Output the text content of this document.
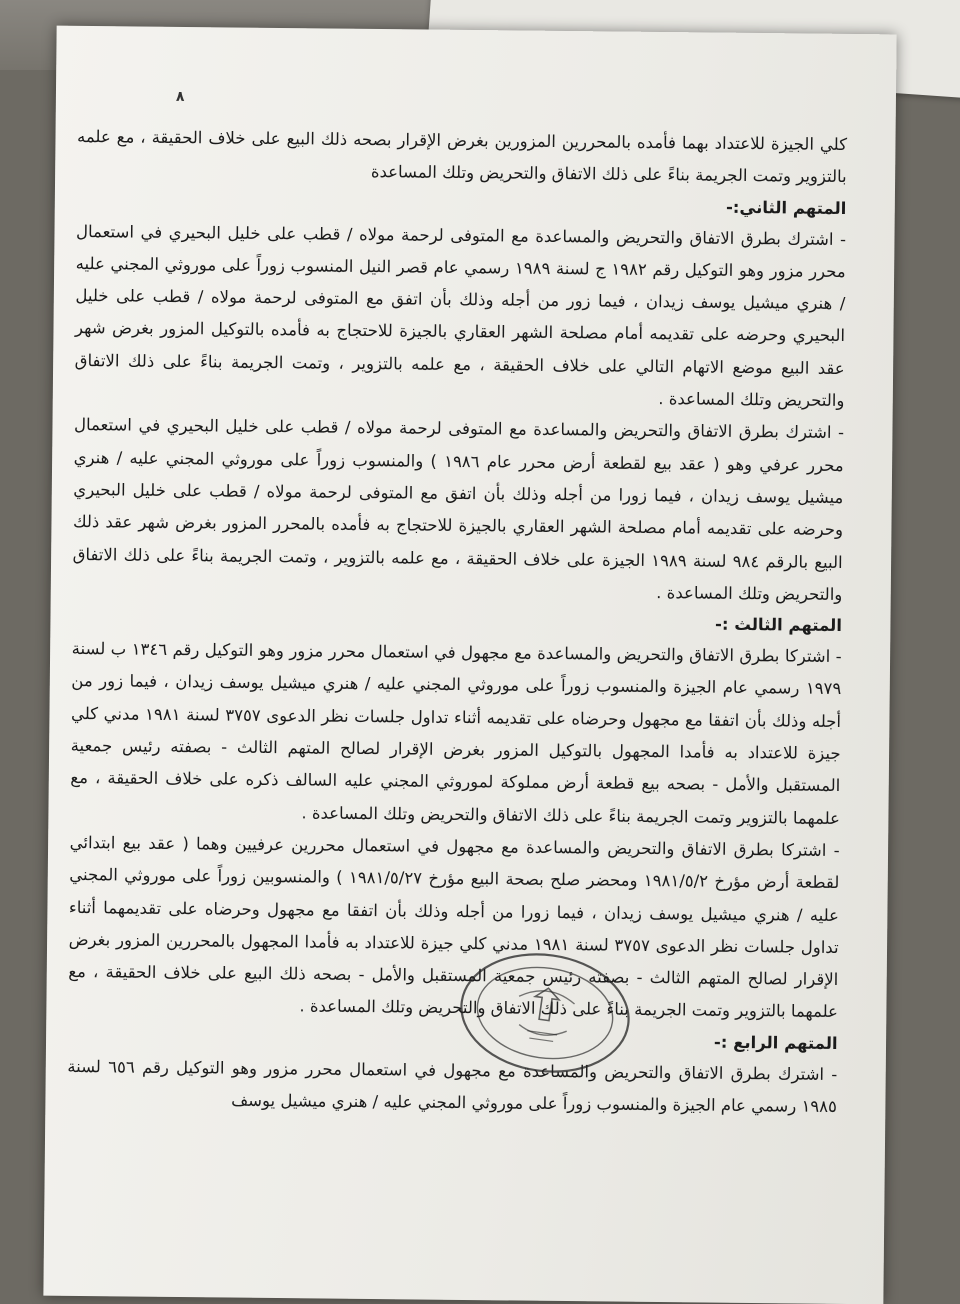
٨

كلي الجيزة للاعتداد بهما فأمده بالمحررين المزورين بغرض الإقرار بصحه ذلك البيع على خلاف الحقيقة ، مع علمه بالتزوير وتمت الجريمة بناءً على ذلك الاتفاق والتحريض وتلك المساعدة

المتهم الثاني:-

- اشترك بطرق الاتفاق والتحريض والمساعدة مع المتوفى لرحمة مولاه / قطب على خليل البحيري في استعمال محرر مزور وهو التوكيل رقم ١٩٨٢ ج لسنة ١٩٨٩ رسمي عام قصر النيل المنسوب زوراً على موروثي المجني عليه / هنري ميشيل يوسف زيدان ، فيما زور من أجله وذلك بأن اتفق مع المتوفى لرحمة مولاه / قطب على خليل البحيري وحرضه على تقديمه أمام مصلحة الشهر العقاري بالجيزة للاحتجاج به فأمده بالتوكيل المزور بغرض شهر عقد البيع موضع الاتهام التالي على خلاف الحقيقة ، مع علمه بالتزوير ، وتمت الجريمة بناءً على ذلك الاتفاق والتحريض وتلك المساعدة .

- اشترك بطرق الاتفاق والتحريض والمساعدة مع المتوفى لرحمة مولاه / قطب على خليل البحيري في استعمال محرر عرفي وهو ( عقد بيع لقطعة أرض محرر عام ١٩٨٦ ) والمنسوب زوراً على موروثي المجني عليه / هنري ميشيل يوسف زيدان ، فيما زورا من أجله وذلك بأن اتفق مع المتوفى لرحمة مولاه / قطب على خليل البحيري وحرضه على تقديمه أمام مصلحة الشهر العقاري بالجيزة للاحتجاج به فأمده بالمحرر المزور بغرض شهر عقد ذلك البيع بالرقم ٩٨٤ لسنة ١٩٨٩ الجيزة على خلاف الحقيقة ، مع علمه بالتزوير ، وتمت الجريمة بناءً على ذلك الاتفاق والتحريض وتلك المساعدة .

المتهم الثالث :-

- اشتركا بطرق الاتفاق والتحريض والمساعدة مع مجهول في استعمال محرر مزور وهو التوكيل رقم ١٣٤٦ ب لسنة ١٩٧٩ رسمي عام الجيزة والمنسوب زوراً على موروثي المجني عليه / هنري ميشيل يوسف زيدان ، فيما زور من أجله وذلك بأن اتفقا مع مجهول وحرضاه على تقديمه أثناء تداول جلسات نظر الدعوى ٣٧٥٧ لسنة ١٩٨١ مدني كلي جيزة للاعتداد به فأمدا المجهول بالتوكيل المزور بغرض الإقرار لصالح المتهم الثالث - بصفته رئيس جمعية المستقبل والأمل - بصحه بيع قطعة أرض مملوكة لموروثي المجني عليه السالف ذكره على خلاف الحقيقة ، مع علمهما بالتزوير وتمت الجريمة بناءً على ذلك الاتفاق والتحريض وتلك المساعدة .

- اشتركا بطرق الاتفاق والتحريض والمساعدة مع مجهول في استعمال محررين عرفيين وهما ( عقد بيع ابتدائي لقطعة أرض مؤرخ ١٩٨١/٥/٢ ومحضر صلح بصحة البيع مؤرخ ١٩٨١/٥/٢٧ ) والمنسوبين زوراً على موروثي المجني عليه / هنري ميشيل يوسف زيدان ، فيما زورا من أجله وذلك بأن اتفقا مع مجهول وحرضاه على تقديمهما أثناء تداول جلسات نظر الدعوى ٣٧٥٧ لسنة ١٩٨١ مدني كلي جيزة للاعتداد به فأمدا المجهول بالمحررين المزور بغرض الإقرار لصالح المتهم الثالث - بصفته رئيس جمعية المستقبل والأمل - بصحه ذلك البيع على خلاف الحقيقة ، مع علمهما بالتزوير وتمت الجريمة بناءً على ذلك الاتفاق والتحريض وتلك المساعدة .

المتهم الرابع :-

- اشترك بطرق الاتفاق والتحريض والمساعدة مع مجهول في استعمال محرر مزور وهو التوكيل رقم ٦٥٦ لسنة ١٩٨٥ رسمي عام الجيزة والمنسوب زوراً على موروثي المجني عليه / هنري ميشيل يوسف
